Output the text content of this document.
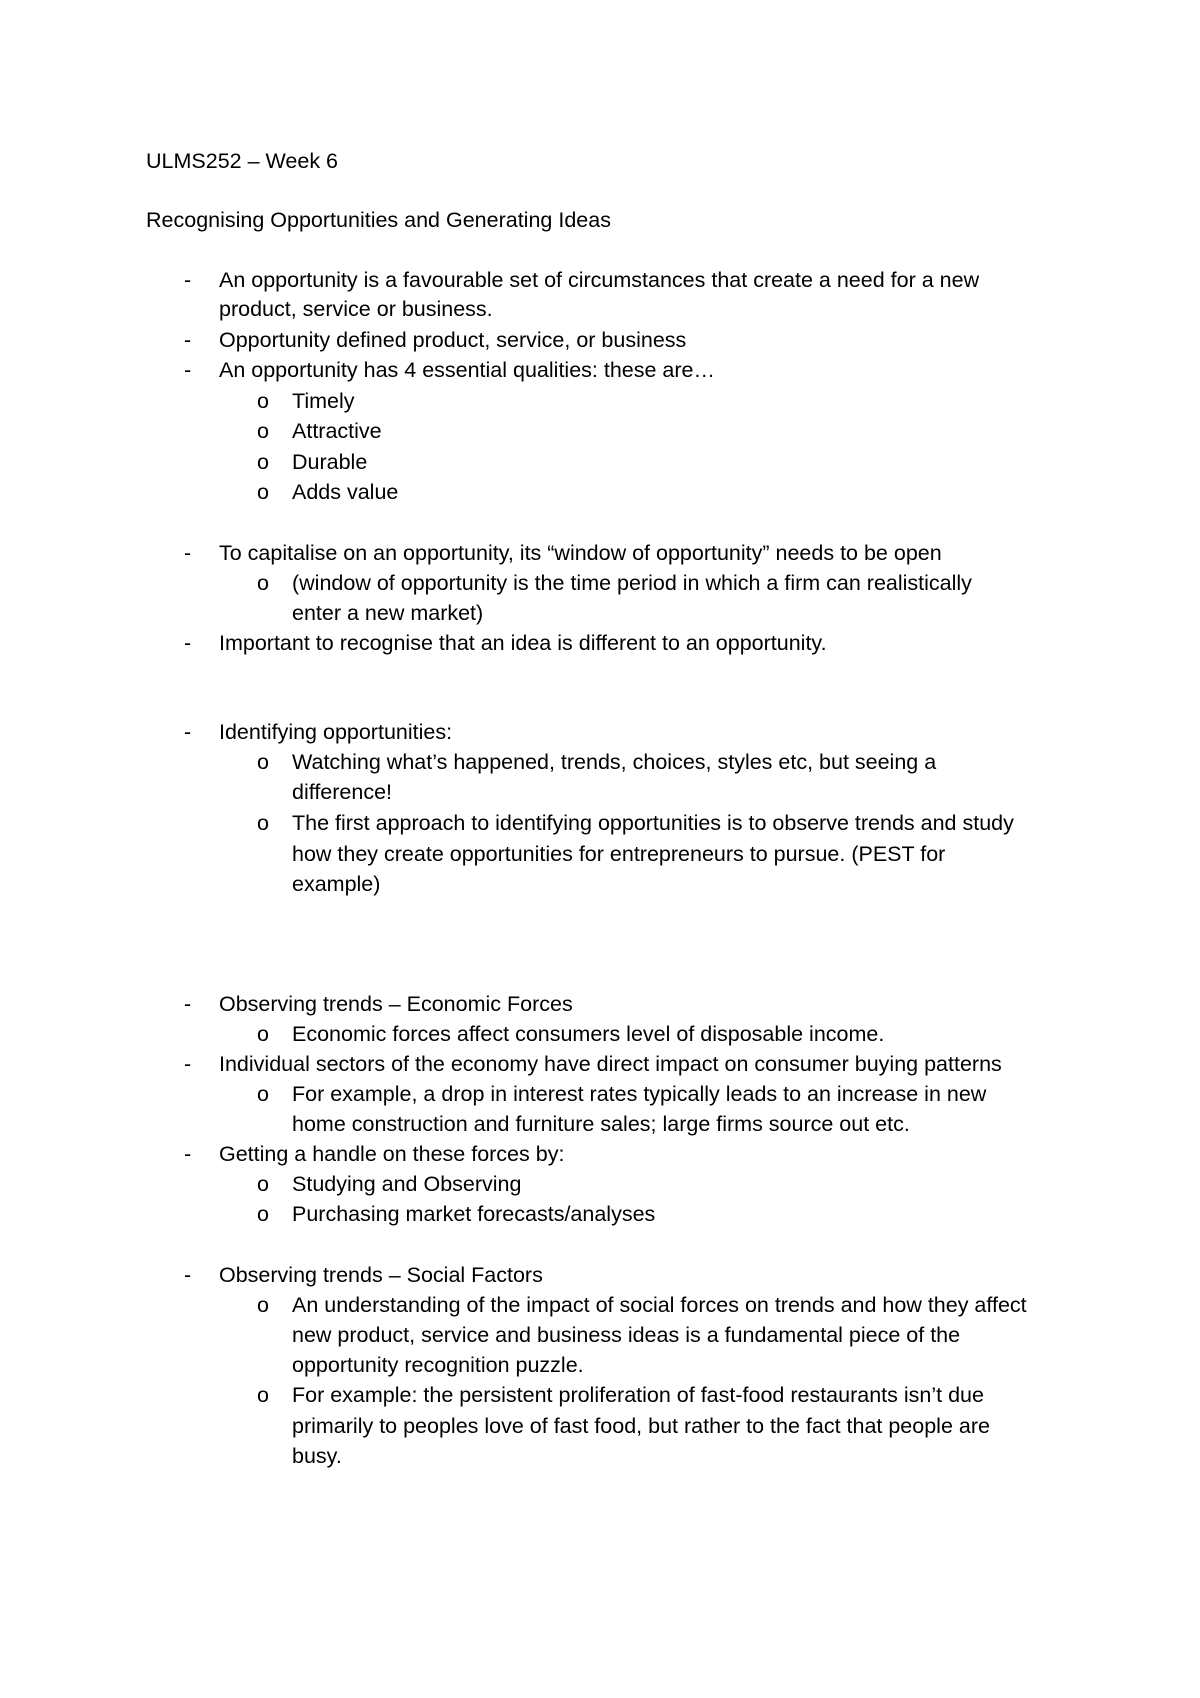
ULMS252 – Week 6
Recognising Opportunities and Generating Ideas
- An opportunity is a favourable set of circumstances that create a need for a new
product, service or business.
- Opportunity defined product, service, or business
- An opportunity has 4 essential qualities: these are…
o Timely
o Attractive
o Durable
o Adds value
- To capitalise on an opportunity, its “window of opportunity” needs to be open
o (window of opportunity is the time period in which a firm can realistically
enter a new market)
- Important to recognise that an idea is different to an opportunity.
- Identifying opportunities:
o Watching what’s happened, trends, choices, styles etc, but seeing a
difference!
o The first approach to identifying opportunities is to observe trends and study
how they create opportunities for entrepreneurs to pursue. (PEST for
example)
- Observing trends – Economic Forces
o Economic forces affect consumers level of disposable income.
- Individual sectors of the economy have direct impact on consumer buying patterns
o For example, a drop in interest rates typically leads to an increase in new
home construction and furniture sales; large firms source out etc.
- Getting a handle on these forces by:
o Studying and Observing
o Purchasing market forecasts/analyses
- Observing trends – Social Factors
o An understanding of the impact of social forces on trends and how they affect
new product, service and business ideas is a fundamental piece of the
opportunity recognition puzzle.
o For example: the persistent proliferation of fast-food restaurants isn’t due
primarily to peoples love of fast food, but rather to the fact that people are
busy.
